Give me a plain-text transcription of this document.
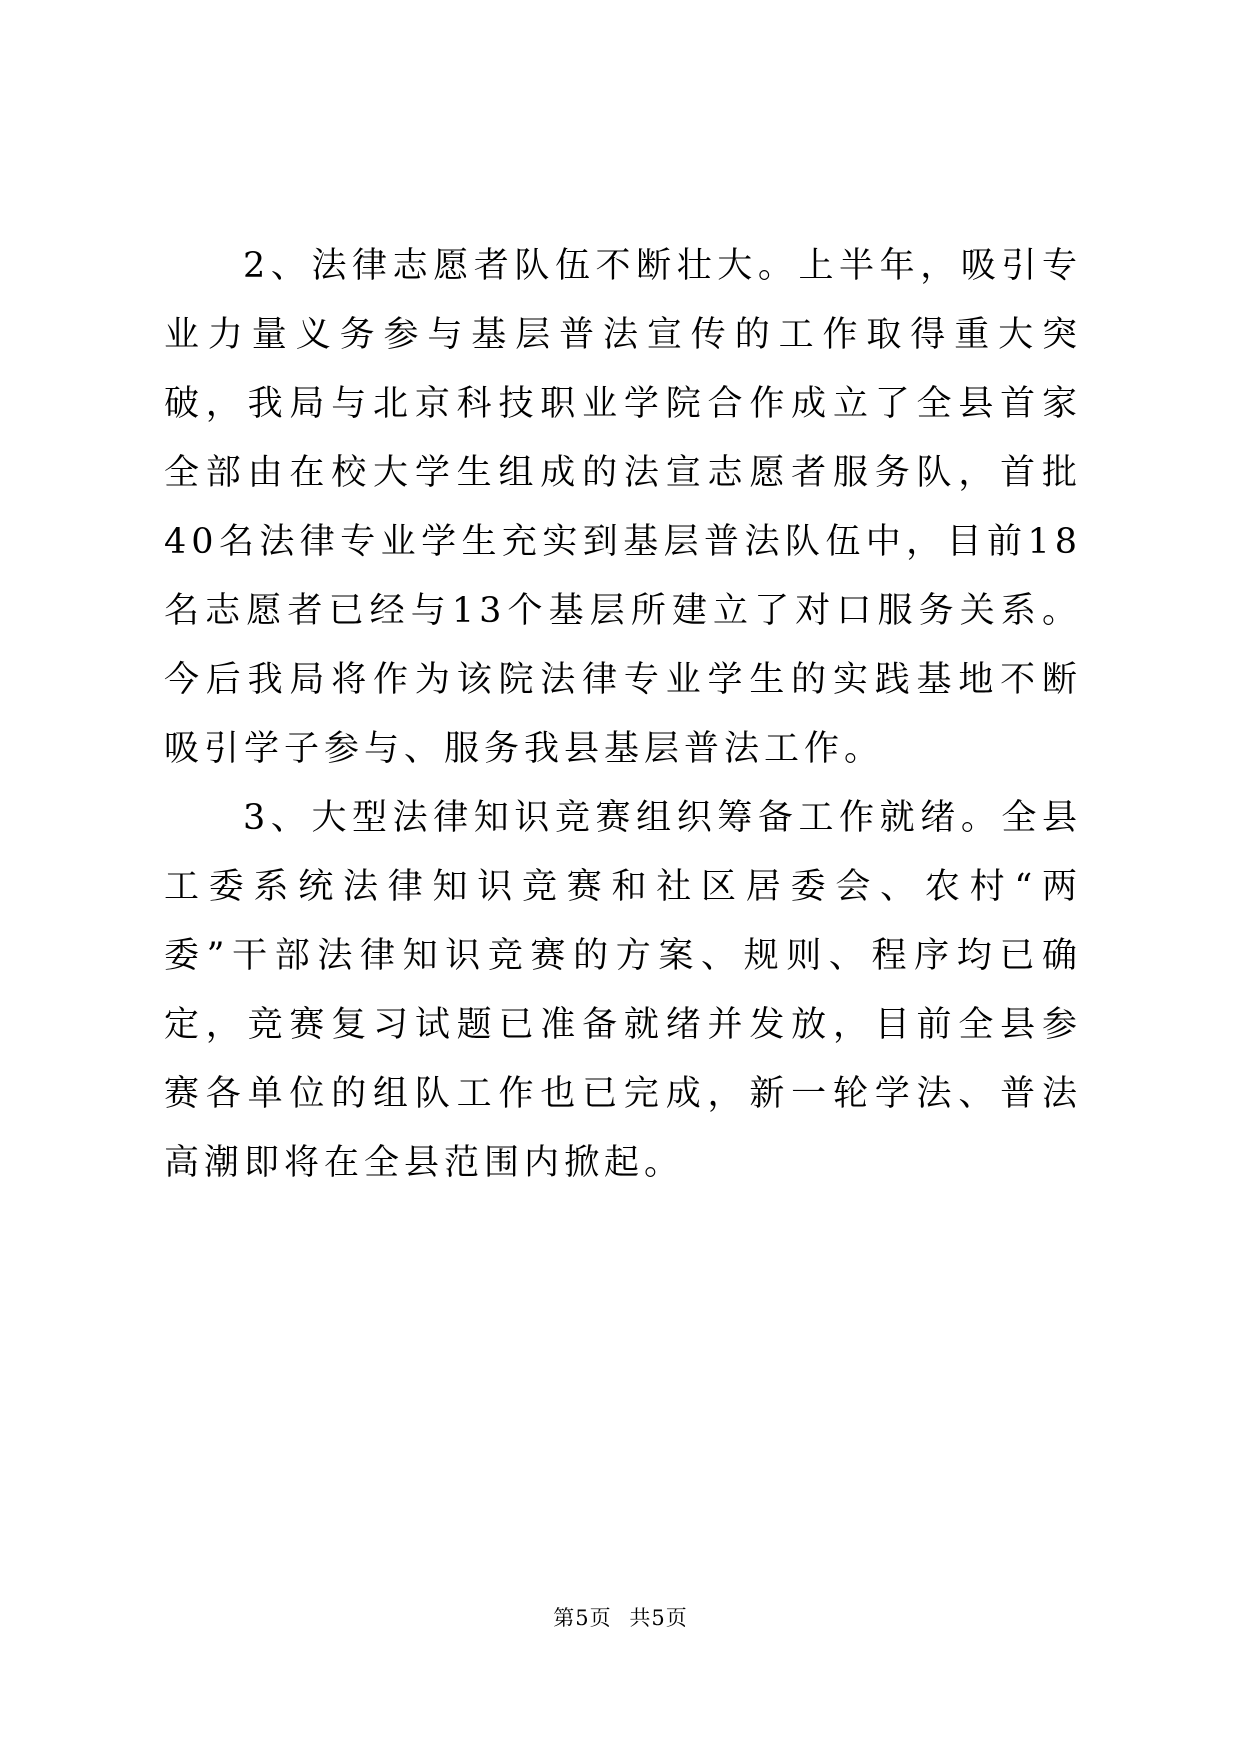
2、法律志愿者队伍不断壮大。上半年，吸引专业力量义务参与基层普法宣传的工作取得重大突破，我局与北京科技职业学院合作成立了全县首家全部由在校大学生组成的法宣志愿者服务队，首批40名法律专业学生充实到基层普法队伍中，目前18名志愿者已经与13个基层所建立了对口服务关系。今后我局将作为该院法律专业学生的实践基地不断吸引学子参与、服务我县基层普法工作。

3、大型法律知识竞赛组织筹备工作就绪。全县工委系统法律知识竞赛和社区居委会、农村“两委”干部法律知识竞赛的方案、规则、程序均已确定，竞赛复习试题已准备就绪并发放，目前全县参赛各单位的组队工作也已完成，新一轮学法、普法高潮即将在全县范围内掀起。

第5页 共5页
